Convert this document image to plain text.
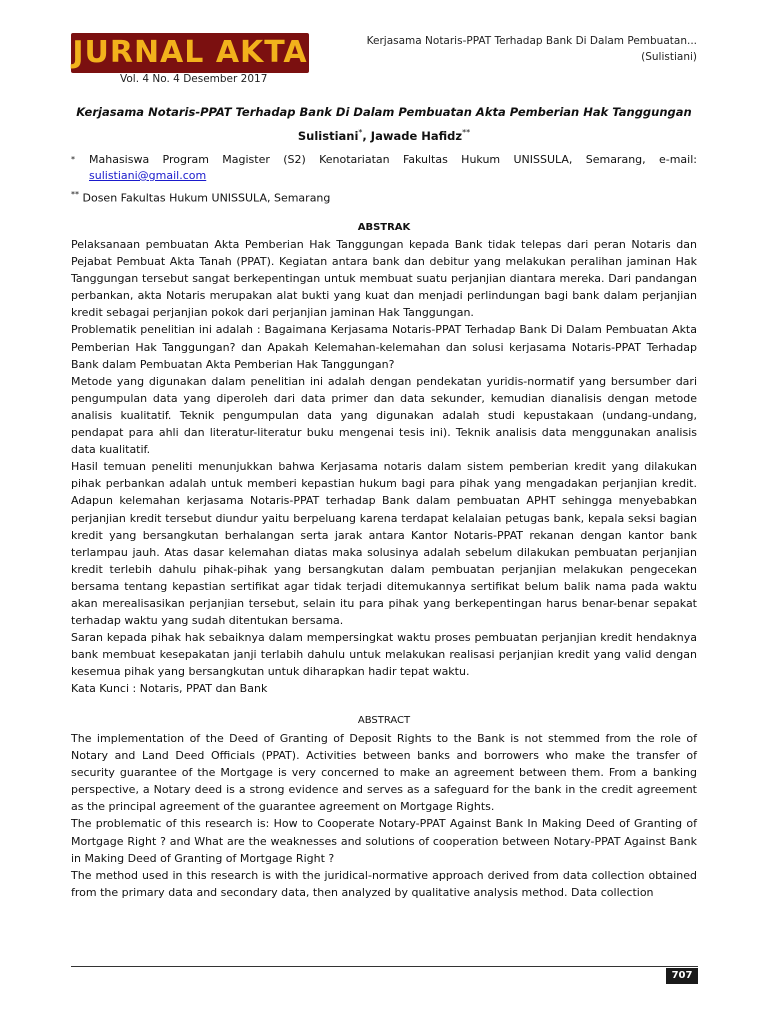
JURNAL AKTA
Vol. 4 No. 4 Desember 2017
Kerjasama Notaris-PPAT Terhadap Bank Di Dalam Pembuatan...
(Sulistiani)
Kerjasama Notaris-PPAT Terhadap Bank Di Dalam Pembuatan Akta Pemberian Hak Tanggungan
Sulistiani*, Jawade Hafidz**
*	Mahasiswa Program Magister (S2) Kenotariatan Fakultas Hukum UNISSULA, Semarang, e-mail:
sulistiani@gmail.com
** Dosen Fakultas Hukum UNISSULA, Semarang
ABSTRAK

Pelaksanaan pembuatan Akta Pemberian Hak Tanggungan kepada Bank tidak telepas dari peran Notaris dan Pejabat Pembuat Akta Tanah (PPAT). Kegiatan antara bank dan debitur yang melakukan peralihan jaminan Hak Tanggungan tersebut sangat berkepentingan untuk membuat suatu perjanjian diantara mereka. Dari pandangan perbankan, akta Notaris merupakan alat bukti yang kuat dan menjadi perlindungan bagi bank dalam perjanjian kredit sebagai perjanjian pokok dari perjanjian jaminan Hak Tanggungan.

Problematik penelitian ini adalah : Bagaimana Kerjasama Notaris-PPAT Terhadap Bank Di Dalam Pembuatan Akta Pemberian Hak Tanggungan? dan Apakah Kelemahan-kelemahan dan solusi kerjasama Notaris-PPAT Terhadap Bank dalam Pembuatan Akta Pemberian Hak Tanggungan?

Metode yang digunakan dalam penelitian ini adalah dengan pendekatan yuridis-normatif yang bersumber dari pengumpulan data yang diperoleh dari data primer dan data sekunder, kemudian dianalisis dengan metode analisis kualitatif. Teknik pengumpulan data yang digunakan adalah studi kepustakaan (undang-undang, pendapat para ahli dan literatur-literatur buku mengenai tesis ini). Teknik analisis data menggunakan analisis data kualitatif.

Hasil temuan peneliti menunjukkan bahwa Kerjasama notaris dalam sistem pemberian kredit yang dilakukan pihak perbankan adalah untuk memberi kepastian hukum bagi para pihak yang mengadakan perjanjian kredit. Adapun kelemahan kerjasama Notaris-PPAT terhadap Bank dalam pembuatan APHT sehingga menyebabkan perjanjian kredit tersebut diundur yaitu berpeluang karena terdapat kelalaian petugas bank, kepala seksi bagian kredit yang bersangkutan berhalangan serta jarak antara Kantor Notaris-PPAT rekanan dengan kantor bank terlampau jauh. Atas dasar kelemahan diatas maka solusinya adalah sebelum dilakukan pembuatan perjanjian kredit terlebih dahulu pihak-pihak yang bersangkutan dalam pembuatan perjanjian melakukan pengecekan bersama tentang kepastian sertifikat agar tidak terjadi ditemukannya sertifikat belum balik nama pada waktu akan merealisasikan perjanjian tersebut, selain itu para pihak yang berkepentingan harus benar-benar sepakat terhadap waktu yang sudah ditentukan bersama.

Saran kepada pihak hak sebaiknya dalam mempersingkat waktu proses pembuatan perjanjian kredit hendaknya bank membuat kesepakatan janji terlabih dahulu untuk melakukan realisasi perjanjian kredit yang valid dengan kesemua pihak yang bersangkutan untuk diharapkan hadir tepat waktu.

Kata Kunci : Notaris, PPAT dan Bank

ABSTRACT

The implementation of the Deed of Granting of Deposit Rights to the Bank is not stemmed from the role of Notary and Land Deed Officials (PPAT). Activities between banks and borrowers who make the transfer of security guarantee of the Mortgage is very concerned to make an agreement between them. From a banking perspective, a Notary deed is a strong evidence and serves as a safeguard for the bank in the credit agreement as the principal agreement of the guarantee agreement on Mortgage Rights.

The problematic of this research is: How to Cooperate Notary-PPAT Against Bank In Making Deed of Granting of Mortgage Right ? and What are the weaknesses and solutions of cooperation between Notary-PPAT Against Bank in Making Deed of Granting of Mortgage Right ?

The method used in this research is with the juridical-normative approach derived from data collection obtained from the primary data and secondary data, then analyzed by qualitative analysis method. Data collection

707
